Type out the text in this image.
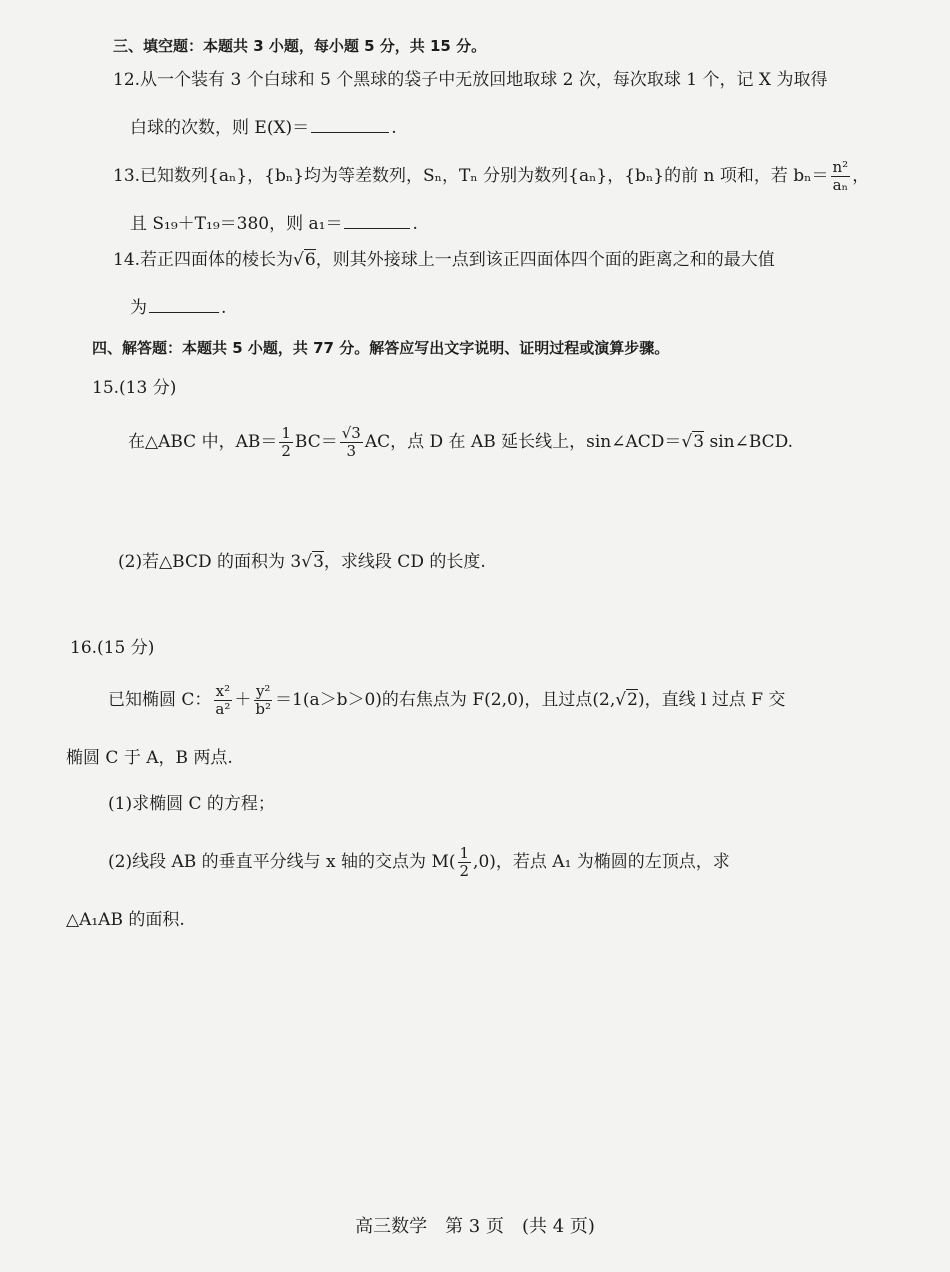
三、填空题：本题共 3 小题，每小题 5 分，共 15 分。
12.从一个装有 3 个白球和 5 个黑球的袋子中无放回地取球 2 次，每次取球 1 个，记 X 为取得
白球的次数，则 E(X)＝	.
13.已知数列{aₙ}，{bₙ}均为等差数列，Sₙ，Tₙ 分别为数列{aₙ}，{bₙ}的前 n 项和，若 $b_n= \frac{\text{n²}}{\text{aₙ}}$ ，
且 S₁₉＋T₁₉＝380，则 a₁＝	.
14.若正四面体的棱长为√6，则其外接球上一点到该正四面体四个面的距离之和的最大值
为	.
四、解答题：本题共 5 小题，共 77 分。解答应写出文字说明、证明过程或演算步骤。
15.(13 分)
在△ABC 中，$AB= \frac{1}{2} BC= \frac{√3}{3}$ AC，点 D 在 AB 延长线上，sin∠ACD＝√3 sin∠BCD.
(2)若△BCD 的面积为 3√3，求线段 CD 的长度.
16.(15 分)
已知椭圆 C： $\frac{\text{x²}}{\text{a²}} + \frac{\text{y²}}{\text{b²}} =1(a>b>0)$的右焦点为 F(2,0)，且过点(2,√2)，直线 l 过点 F 交
椭圆 C 于 A，B 两点.
(1)求椭圆 C 的方程；
(2)线段 AB 的垂直平分线与 x 轴的交点为 $M( \frac{1}{2} ,0)$，若点 A₁ 为椭圆的左顶点，求
△A₁AB 的面积.
高三数学　第 3 页　(共 4 页)
